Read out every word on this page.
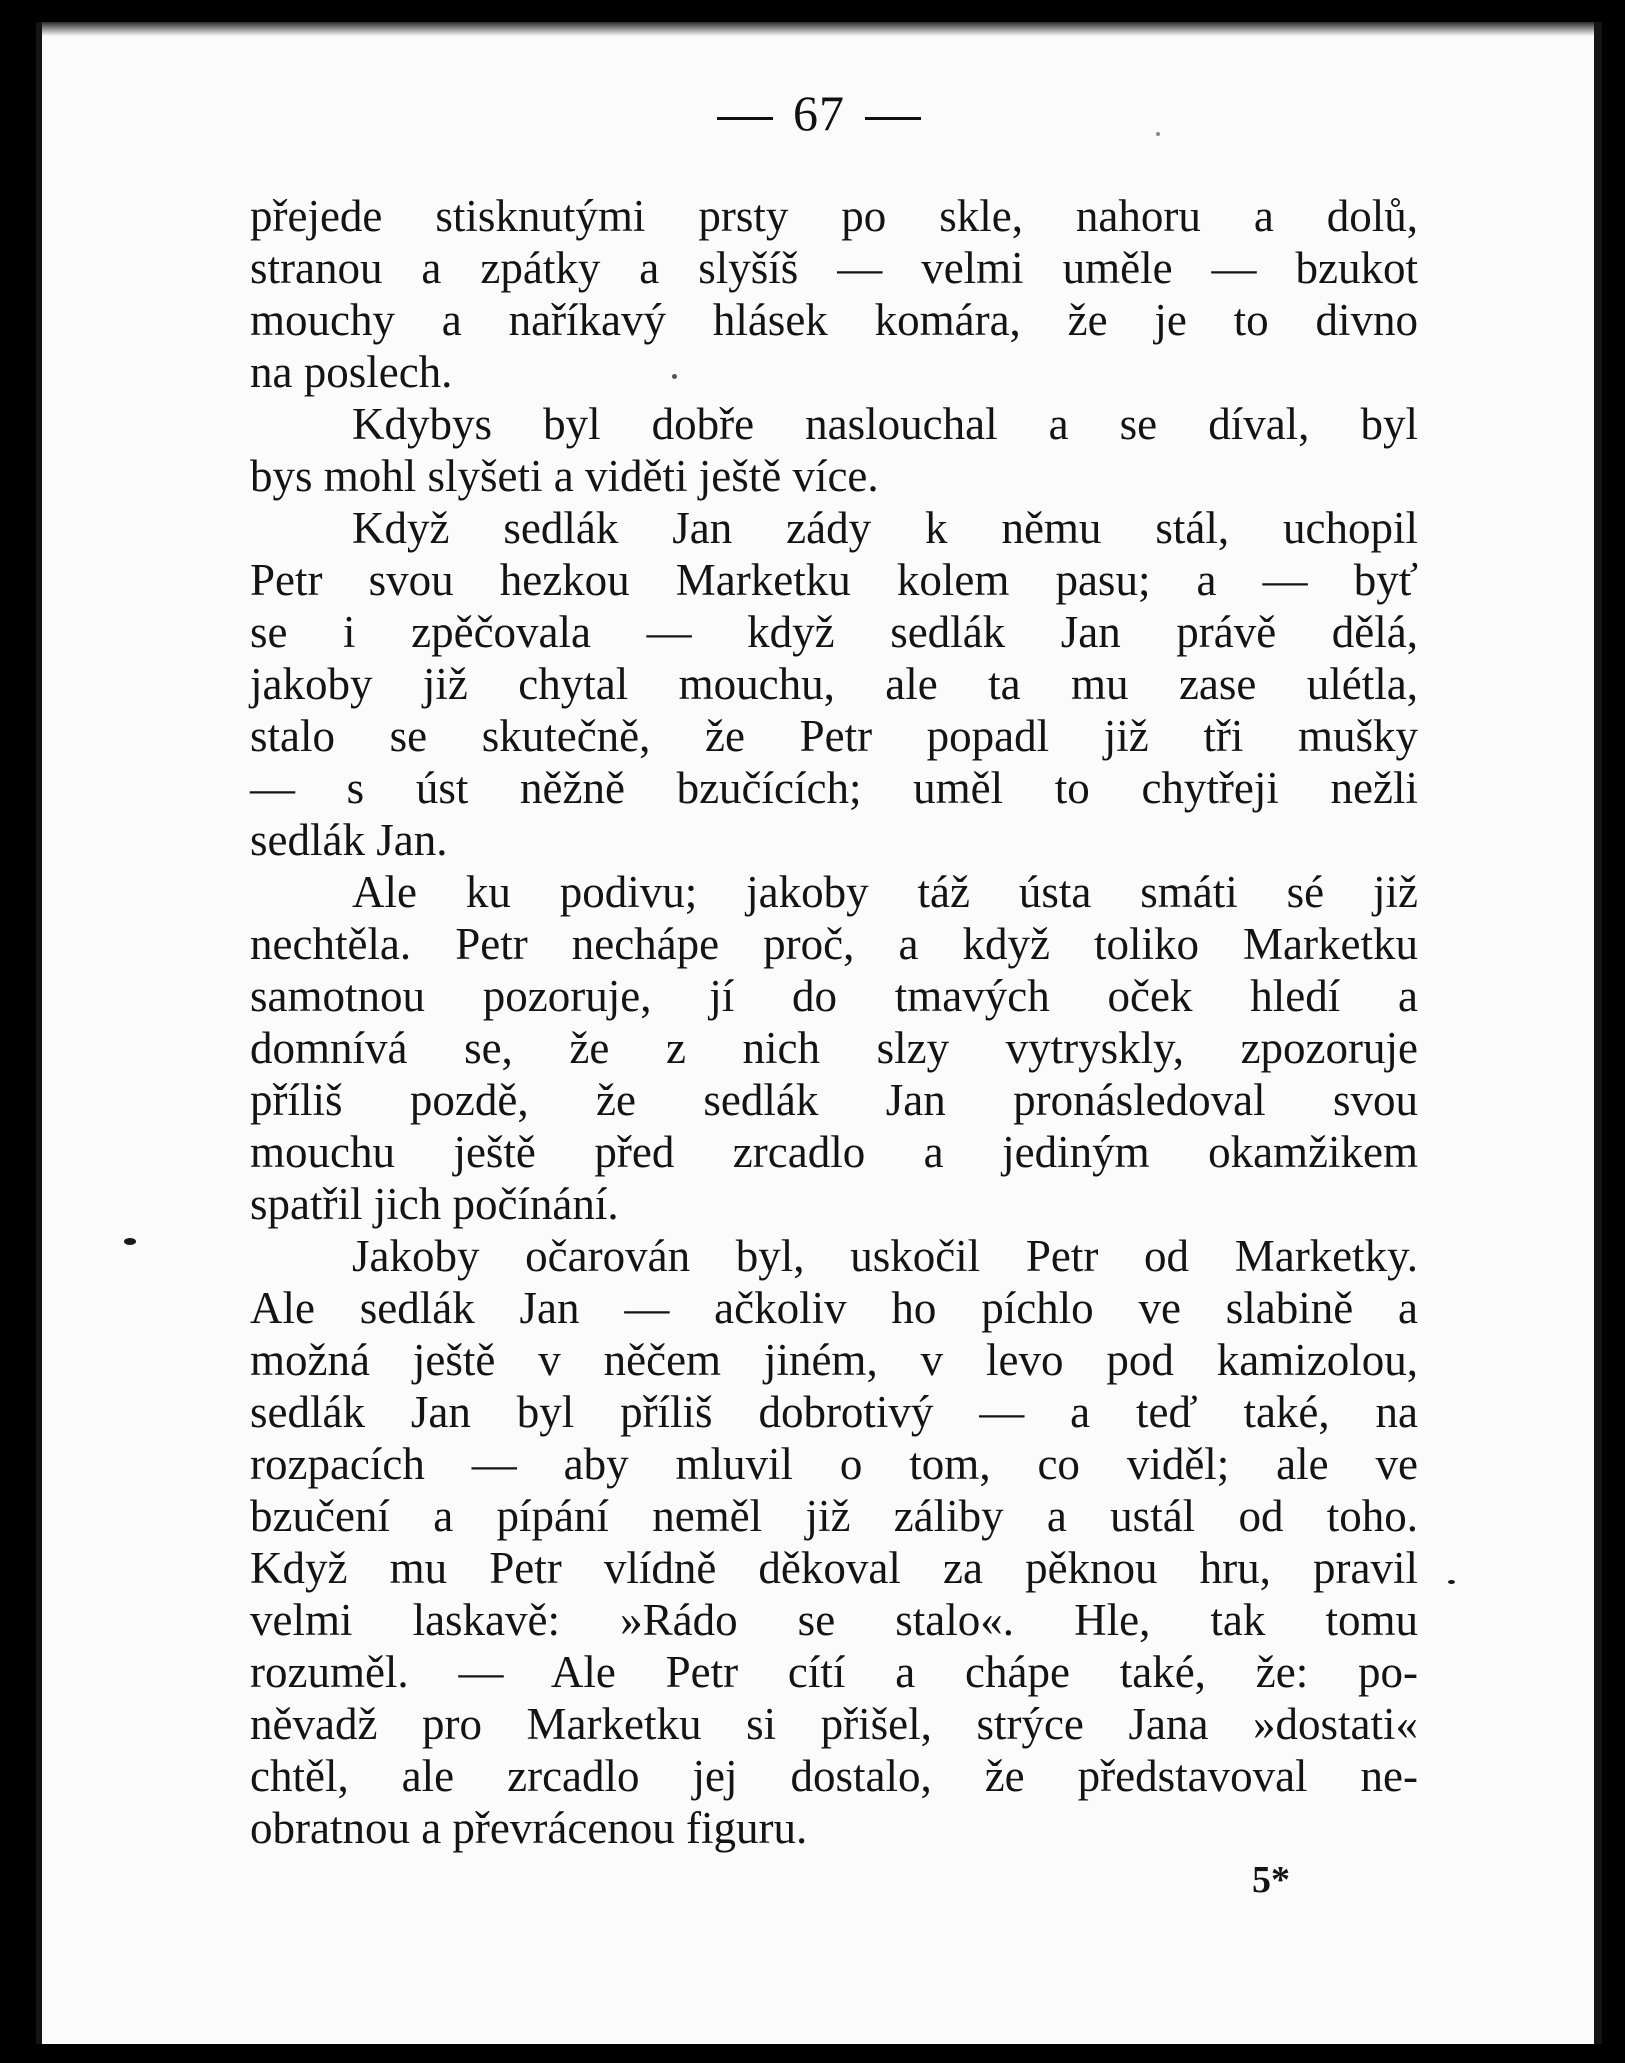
67
přejede stisknutými prsty po skle, nahoru a dolů,
stranou a zpátky a slyšíš — velmi uměle — bzukot
mouchy a naříkavý hlásek komára, že je to divno
na poslech.
Kdybys byl dobře naslouchal a se díval, byl
bys mohl slyšeti a viděti ještě více.
Když sedlák Jan zády k němu stál, uchopil
Petr svou hezkou Marketku kolem pasu; a — byť
se i zpěčovala — když sedlák Jan právě dělá,
jakoby již chytal mouchu, ale ta mu zase ulétla,
stalo se skutečně, že Petr popadl již tři mušky
— s úst něžně bzučících; uměl to chytřeji nežli
sedlák Jan.
Ale ku podivu; jakoby táž ústa smáti sé již
nechtěla. Petr nechápe proč, a když toliko Marketku
samotnou pozoruje, jí do tmavých oček hledí a
domnívá se, že z nich slzy vytryskly, zpozoruje
příliš pozdě, že sedlák Jan pronásledoval svou
mouchu ještě před zrcadlo a jediným okamžikem
spatřil jich počínání.
Jakoby očarován byl, uskočil Petr od Marketky.
Ale sedlák Jan — ačkoliv ho píchlo ve slabině a
možná ještě v něčem jiném, v levo pod kamizolou,
sedlák Jan byl příliš dobrotivý — a teď také, na
rozpacích — aby mluvil o tom, co viděl; ale ve
bzučení a pípání neměl již záliby a ustál od toho.
Když mu Petr vlídně děkoval za pěknou hru, pravil
velmi laskavě: »Rádo se stalo«. Hle, tak tomu
rozuměl. — Ale Petr cítí a chápe také, že: po-
něvadž pro Marketku si přišel, strýce Jana »dostati«
chtěl, ale zrcadlo jej dostalo, že představoval ne-
obratnou a převrácenou figuru.
5*
